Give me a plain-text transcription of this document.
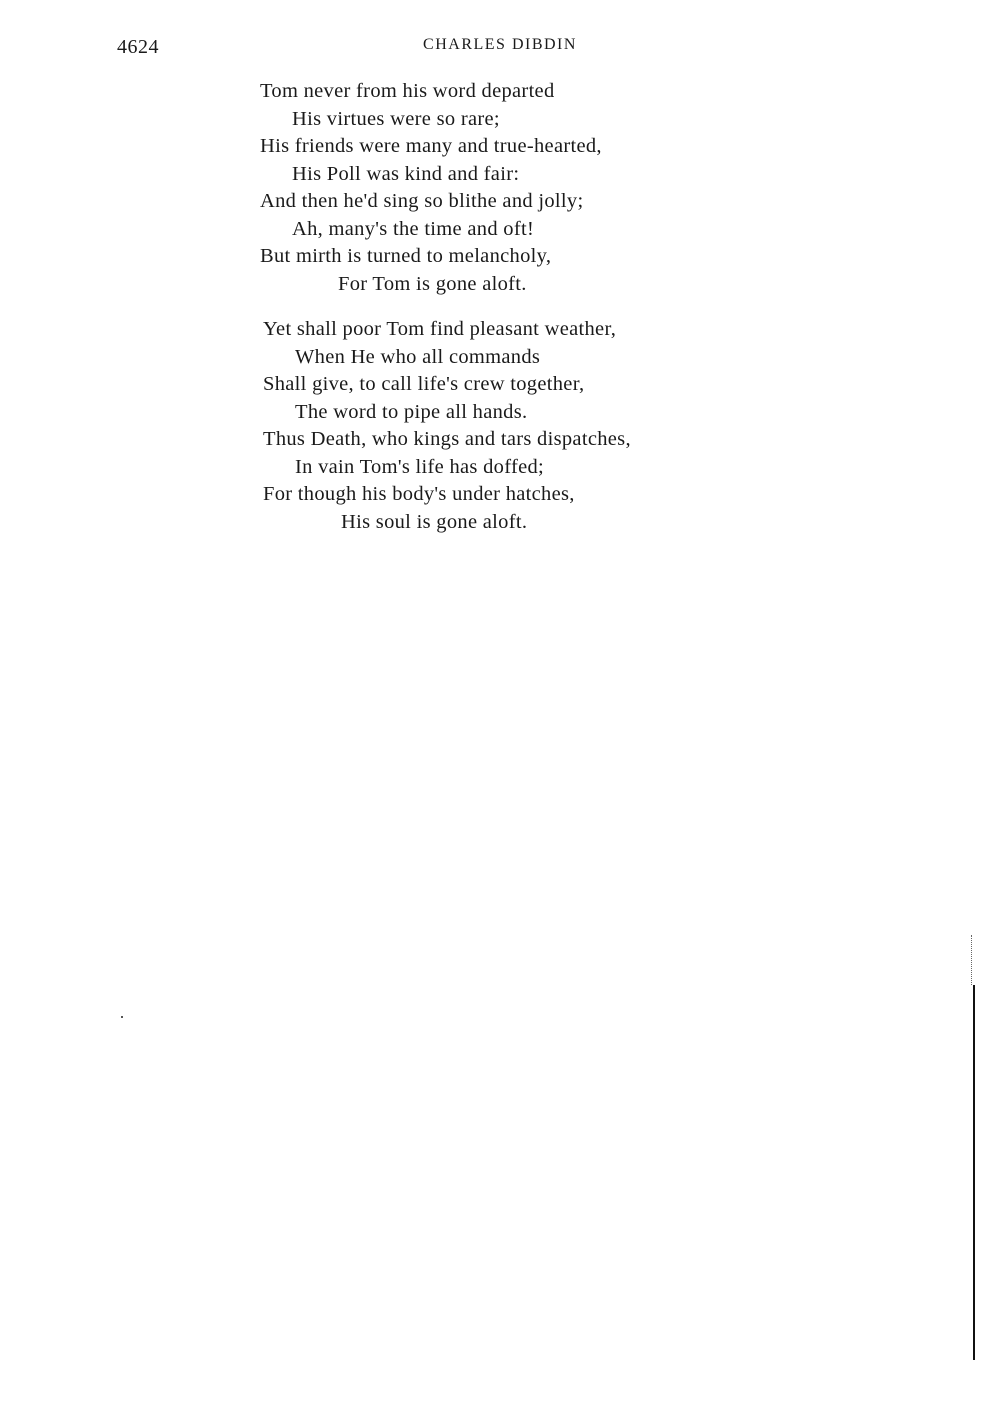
4624	CHARLES DIBDIN
Tom never from his word departed
His virtues were so rare;
His friends were many and true-hearted,
His Poll was kind and fair:
And then he'd sing so blithe and jolly;
Ah, many's the time and oft!
But mirth is turned to melancholy,
For Tom is gone aloft.
Yet shall poor Tom find pleasant weather,
When He who all commands
Shall give, to call life's crew together,
The word to pipe all hands.
Thus Death, who kings and tars dispatches,
In vain Tom's life has doffed;
For though his body's under hatches,
His soul is gone aloft.
